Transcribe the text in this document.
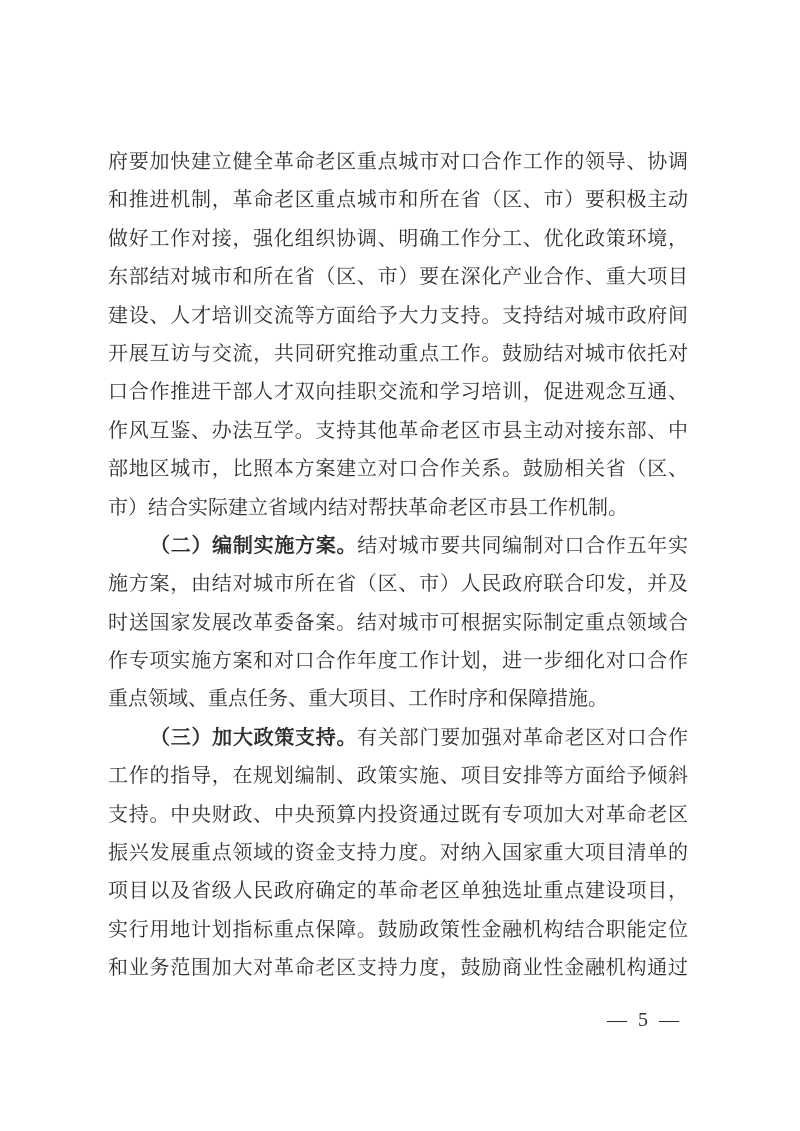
府要加快建立健全革命老区重点城市对口合作工作的领导、协调
和推进机制，革命老区重点城市和所在省（区、市）要积极主动
做好工作对接，强化组织协调、明确工作分工、优化政策环境，
东部结对城市和所在省（区、市）要在深化产业合作、重大项目
建设、人才培训交流等方面给予大力支持。支持结对城市政府间
开展互访与交流，共同研究推动重点工作。鼓励结对城市依托对
口合作推进干部人才双向挂职交流和学习培训，促进观念互通、
作风互鉴、办法互学。支持其他革命老区市县主动对接东部、中
部地区城市，比照本方案建立对口合作关系。鼓励相关省（区、
市）结合实际建立省域内结对帮扶革命老区市县工作机制。
（二）编制实施方案。结对城市要共同编制对口合作五年实
施方案，由结对城市所在省（区、市）人民政府联合印发，并及
时送国家发展改革委备案。结对城市可根据实际制定重点领域合
作专项实施方案和对口合作年度工作计划，进一步细化对口合作
重点领域、重点任务、重大项目、工作时序和保障措施。
（三）加大政策支持。有关部门要加强对革命老区对口合作
工作的指导，在规划编制、政策实施、项目安排等方面给予倾斜
支持。中央财政、中央预算内投资通过既有专项加大对革命老区
振兴发展重点领域的资金支持力度。对纳入国家重大项目清单的
项目以及省级人民政府确定的革命老区单独选址重点建设项目，
实行用地计划指标重点保障。鼓励政策性金融机构结合职能定位
和业务范围加大对革命老区支持力度，鼓励商业性金融机构通过
— 5 —
